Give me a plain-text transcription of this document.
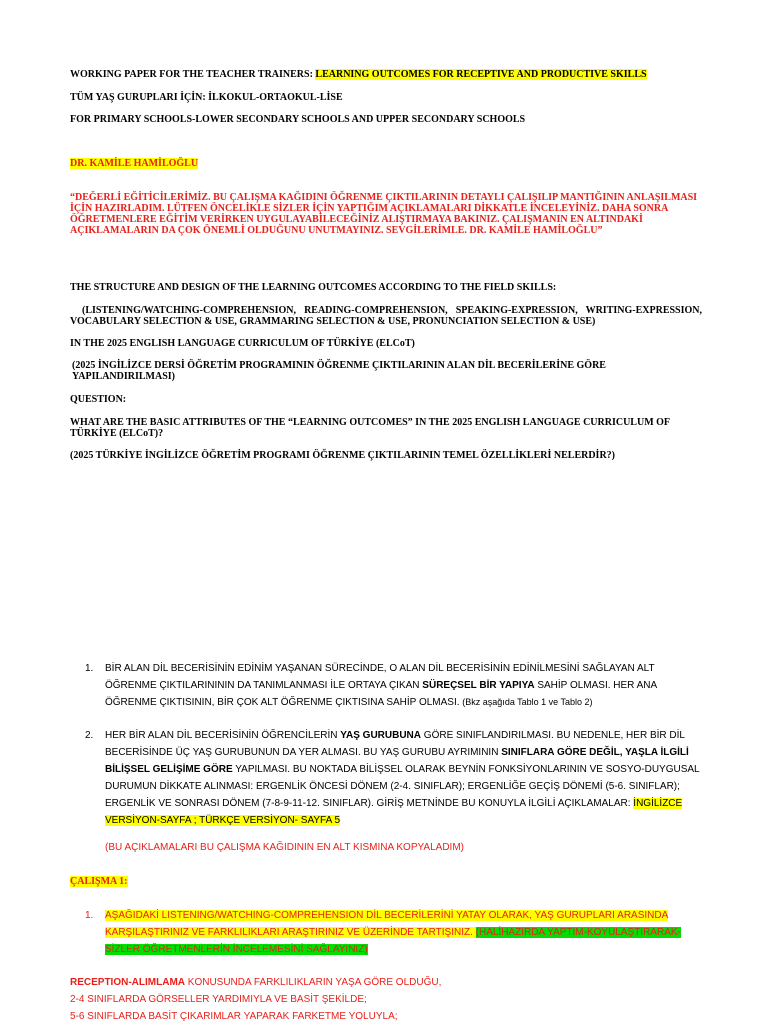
WORKING PAPER FOR THE TEACHER TRAINERS: LEARNING OUTCOMES FOR RECEPTIVE AND PRODUCTIVE SKILLS

TÜM YAŞ GURUPLARI İÇİN: İLKOKUL-ORTAOKUL-LİSE

FOR PRIMARY SCHOOLS-LOWER SECONDARY SCHOOLS AND UPPER SECONDARY SCHOOLS

DR. KAMİLE HAMİLOĞLU

“DEĞERLİ EĞİTİCİLERİMİZ. BU ÇALIŞMA KAĞIDINI ÖĞRENME ÇIKTILARININ DETAYLI ÇALIŞILIP MANTIĞININ ANLAŞILMASI İÇİN HAZIRLADIM. LÜTFEN ÖNCELİKLE SİZLER İÇİN YAPTIĞIM AÇIKLAMALARI DİKKATLE İNCELEYİNİZ. DAHA SONRA ÖĞRETMENLERE EĞİTİM VERİRKEN UYGULAYABİLECEĞİNİZ ALIŞTIRMAYA BAKINIZ. ÇALIŞMANIN EN ALTINDAKİ AÇIKLAMALARIN DA ÇOK ÖNEMLİ OLDUĞUNU UNUTMAYINIZ. SEVGİLERİMLE. DR. KAMİLE HAMİLOĞLU”

THE STRUCTURE AND DESIGN OF THE LEARNING OUTCOMES ACCORDING TO THE FIELD SKILLS:

(LISTENING/WATCHING-COMPREHENSION, READING-COMPREHENSION, SPEAKING-EXPRESSION, WRITING-EXPRESSION, VOCABULARY SELECTION & USE, GRAMMARING SELECTION & USE, PRONUNCIATION SELECTION & USE)

IN THE 2025 ENGLISH LANGUAGE CURRICULUM OF TÜRKİYE (ELCoT)

(2025 İNGİLİZCE DERSİ ÖĞRETİM PROGRAMININ ÖĞRENME ÇIKTILARININ ALAN DİL BECERİLERİNE GÖRE YAPILANDIRILMASI)

QUESTION:

WHAT ARE THE BASIC ATTRIBUTES OF THE “LEARNING OUTCOMES” IN THE 2025 ENGLISH LANGUAGE CURRICULUM OF TÜRKİYE (ELCoT)?

(2025 TÜRKİYE İNGİLİZCE ÖĞRETİM PROGRAMI ÖĞRENME ÇIKTILARININ TEMEL ÖZELLİKLERİ NELERDİR?)

1. BİR ALAN DİL BECERİSİNİN EDİNİM YAŞANAN SÜRECİNDE, O ALAN DİL BECERİSİNİN EDİNİLMESİNİ SAĞLAYAN ALT ÖĞRENME ÇIKTILARINININ DA TANIMLANMASI İLE ORTAYA ÇIKAN SÜREÇSEL BİR YAPIYA SAHİP OLMASI. HER ANA ÖĞRENME ÇIKTISININ, BİR ÇOK ALT ÖĞRENME ÇIKTISINA SAHİP OLMASI. (Bkz aşağıda Tablo 1 ve Tablo 2)
2. HER BİR ALAN DİL BECERİSİNİN ÖĞRENCİLERİN YAŞ GURUBUNA GÖRE SINIFLANDIRILMASI. BU NEDENLE, HER BİR DİL BECERİSİNDE ÜÇ YAŞ GURUBUNUN DA YER ALMASI. BU YAŞ GURUBU AYRIMININ SINIFLARA GÖRE DEĞİL, YAŞLA İLGİLİ BİLİŞSEL GELİŞİME GÖRE YAPILMASI. BU NOKTADA BİLİŞSEL OLARAK BEYNİN FONKSİYONLARININ VE SOSYO-DUYGUSAL DURUMUN DİKKATE ALINMASI: ERGENLİK ÖNCESİ DÖNEM (2-4. SINIFLAR); ERGENLİĞE GEÇİŞ DÖNEMİ (5-6. SINIFLAR); ERGENLİK VE SONRASI DÖNEM (7-8-9-11-12. SINIFLAR). GİRİŞ METNİNDE BU KONUYLA İLGİLİ AÇIKLAMALAR: İNGİLİZCE VERSİYON-SAYFA ; TÜRKÇE VERSİYON- SAYFA 5
(BU AÇIKLAMALARI BU ÇALIŞMA KAĞIDININ EN ALT KISMINA KOPYALADIM)

ÇALIŞMA 1:

1. AŞAĞIDAKİ LISTENING/WATCHING-COMPREHENSION DİL BECERİLERİNİ YATAY OLARAK, YAŞ GURUPLARI ARASINDA KARŞILAŞTIRINIZ VE FARKLILIKLARI ARAŞTIRINIZ VE ÜZERİNDE TARTIŞINIZ. (HALİHAZIRDA YAPTIM-KOYULAŞTIRARAK-SİZLER ÖĞRETMENLERİN İNCELEMESİNİ SAĞLAYINIZ)
RECEPTION-ALIMLAMA KONUSUNDA FARKLILIKLARIN YAŞA GÖRE OLDUĞU,
2-4 SINIFLARDA GÖRSELLER YARDIMIYLA VE BASİT ŞEKİLDE;
5-6 SINIFLARDA BASİT ÇIKARIMLAR YAPARAK FARKETME YOLUYLA;
